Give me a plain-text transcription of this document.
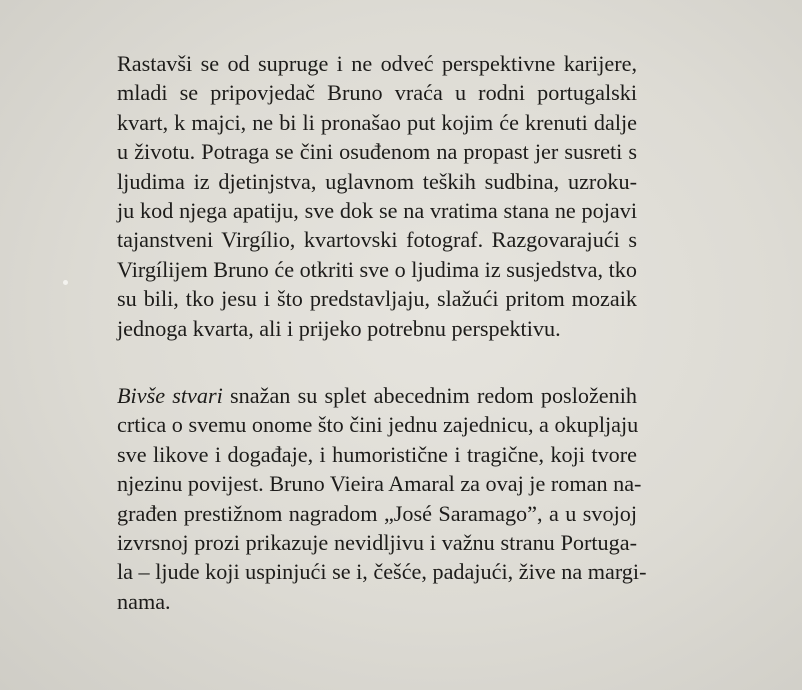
Rastavši se od supruge i ne odveć perspektivne karijere,
mladi se pripovjedač Bruno vraća u rodni portugalski
kvart, k majci, ne bi li pronašao put kojim će krenuti dalje
u životu. Potraga se čini osuđenom na propast jer susreti s
ljudima iz djetinjstva, uglavnom teških sudbina, uzroku-
ju kod njega apatiju, sve dok se na vratima stana ne pojavi
tajanstveni Virgílio, kvartovski fotograf. Razgovarajući s
Virgílijem Bruno će otkriti sve o ljudima iz susjedstva, tko
su bili, tko jesu i što predstavljaju, slažući pritom mozaik
jednoga kvarta, ali i prijeko potrebnu perspektivu.
Bivše stvari snažan su splet abecednim redom posloženih
crtica o svemu onome što čini jednu zajednicu, a okupljaju
sve likove i događaje, i humoristične i tragične, koji tvore
njezinu povijest. Bruno Vieira Amaral za ovaj je roman na-
građen prestižnom nagradom „José Saramago”, a u svojoj
izvrsnoj prozi prikazuje nevidljivu i važnu stranu Portuga-
la – ljude koji uspinjući se i, češće, padajući, žive na margi-
nama.
